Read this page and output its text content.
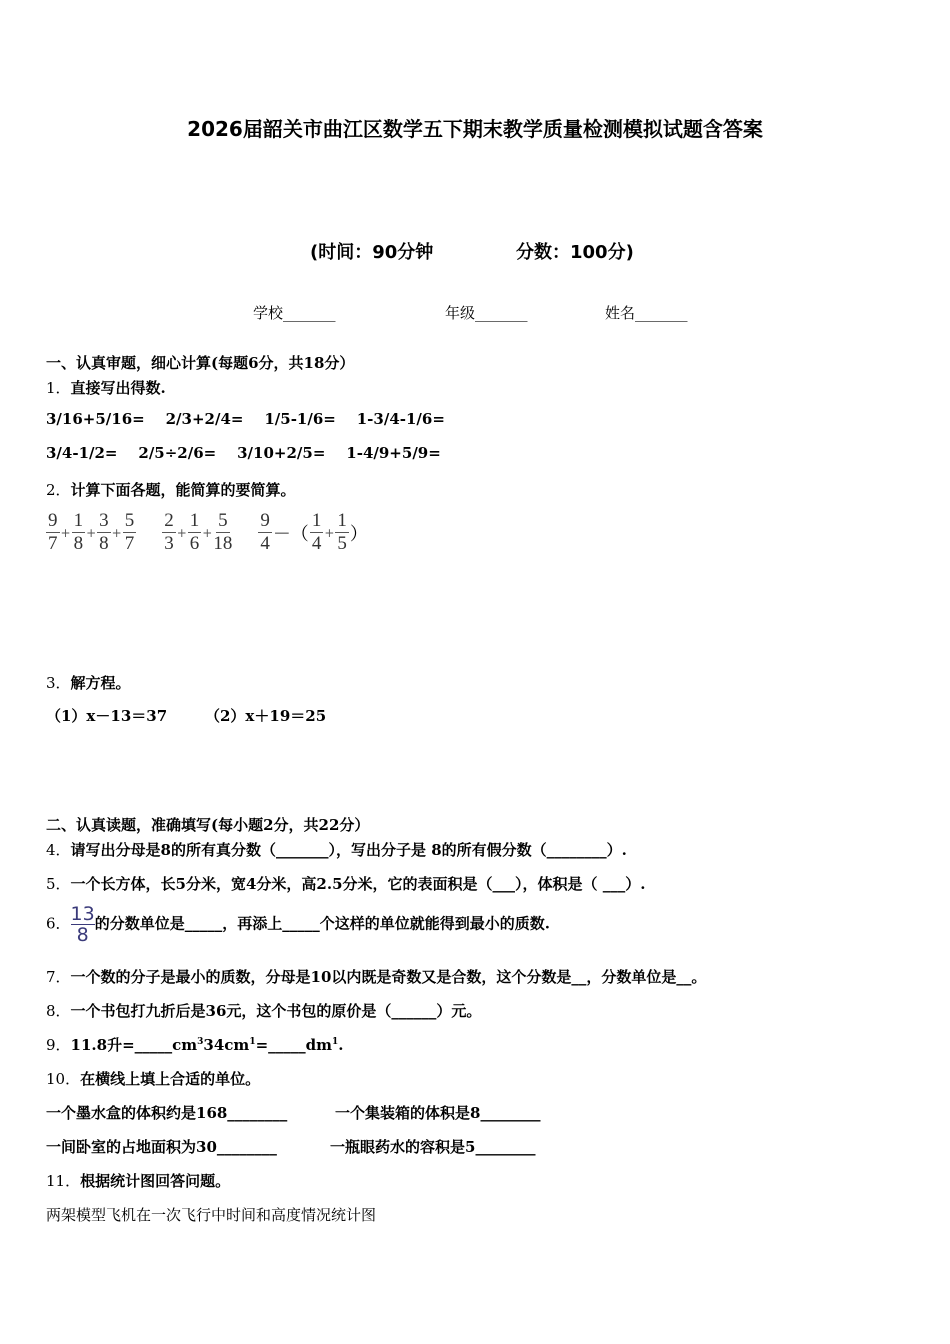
2026届韶关市曲江区数学五下期末教学质量检测模拟试题含答案
(时间：90分钟	分数：100分)
学校_______	年级_______	姓名_______
一、认真审题，细心计算(每题6分，共18分）
1．直接写出得数.
3/16+5/16= 2/3+2/4= 1/5-1/6= 1-3/4-1/6=
3/4-1/2= 2/5÷2/6= 3/10+2/5= 1-4/9+5/9=
2．计算下面各题，能简算的要简算。
$\frac{9}{7} + \frac{1}{8} + \frac{3}{8} + \frac{5}{7} \frac{2}{3} + \frac{1}{6} + \frac{5}{18} \frac{9}{4}$ －（ $\frac{1}{4} + \frac{1}{5}$ ）
3．解方程。
（1）x－13＝37	（2）x＋19＝25
二、认真读题，准确填写(每小题2分，共22分）
4．请写出分母是8的所有真分数（_______），写出分子是 8的所有假分数（________）.
5．一个长方体，长5分米，宽4分米，高2.5分米，它的表面积是（___），体积是（ ___）.
6． $\frac{13}{8}$ 的分数单位是_____，再添上_____个这样的单位就能得到最小的质数.
7．一个数的分子是最小的质数，分母是10以内既是奇数又是合数，这个分数是__，分数单位是__。
8．一个书包打九折后是36元，这个书包的原价是（______）元。
9．11.8升$=\_\_\_\_\_cm^334cm^1=\_\_\_\_\_dm^1$.
10．在横线上填上合适的单位。
一个墨水盒的体积约是168________	一个集装箱的体积是8________
一间卧室的占地面积为30________	一瓶眼药水的容积是5________
11．根据统计图回答问题。
两架模型飞机在一次飞行中时间和高度情况统计图
